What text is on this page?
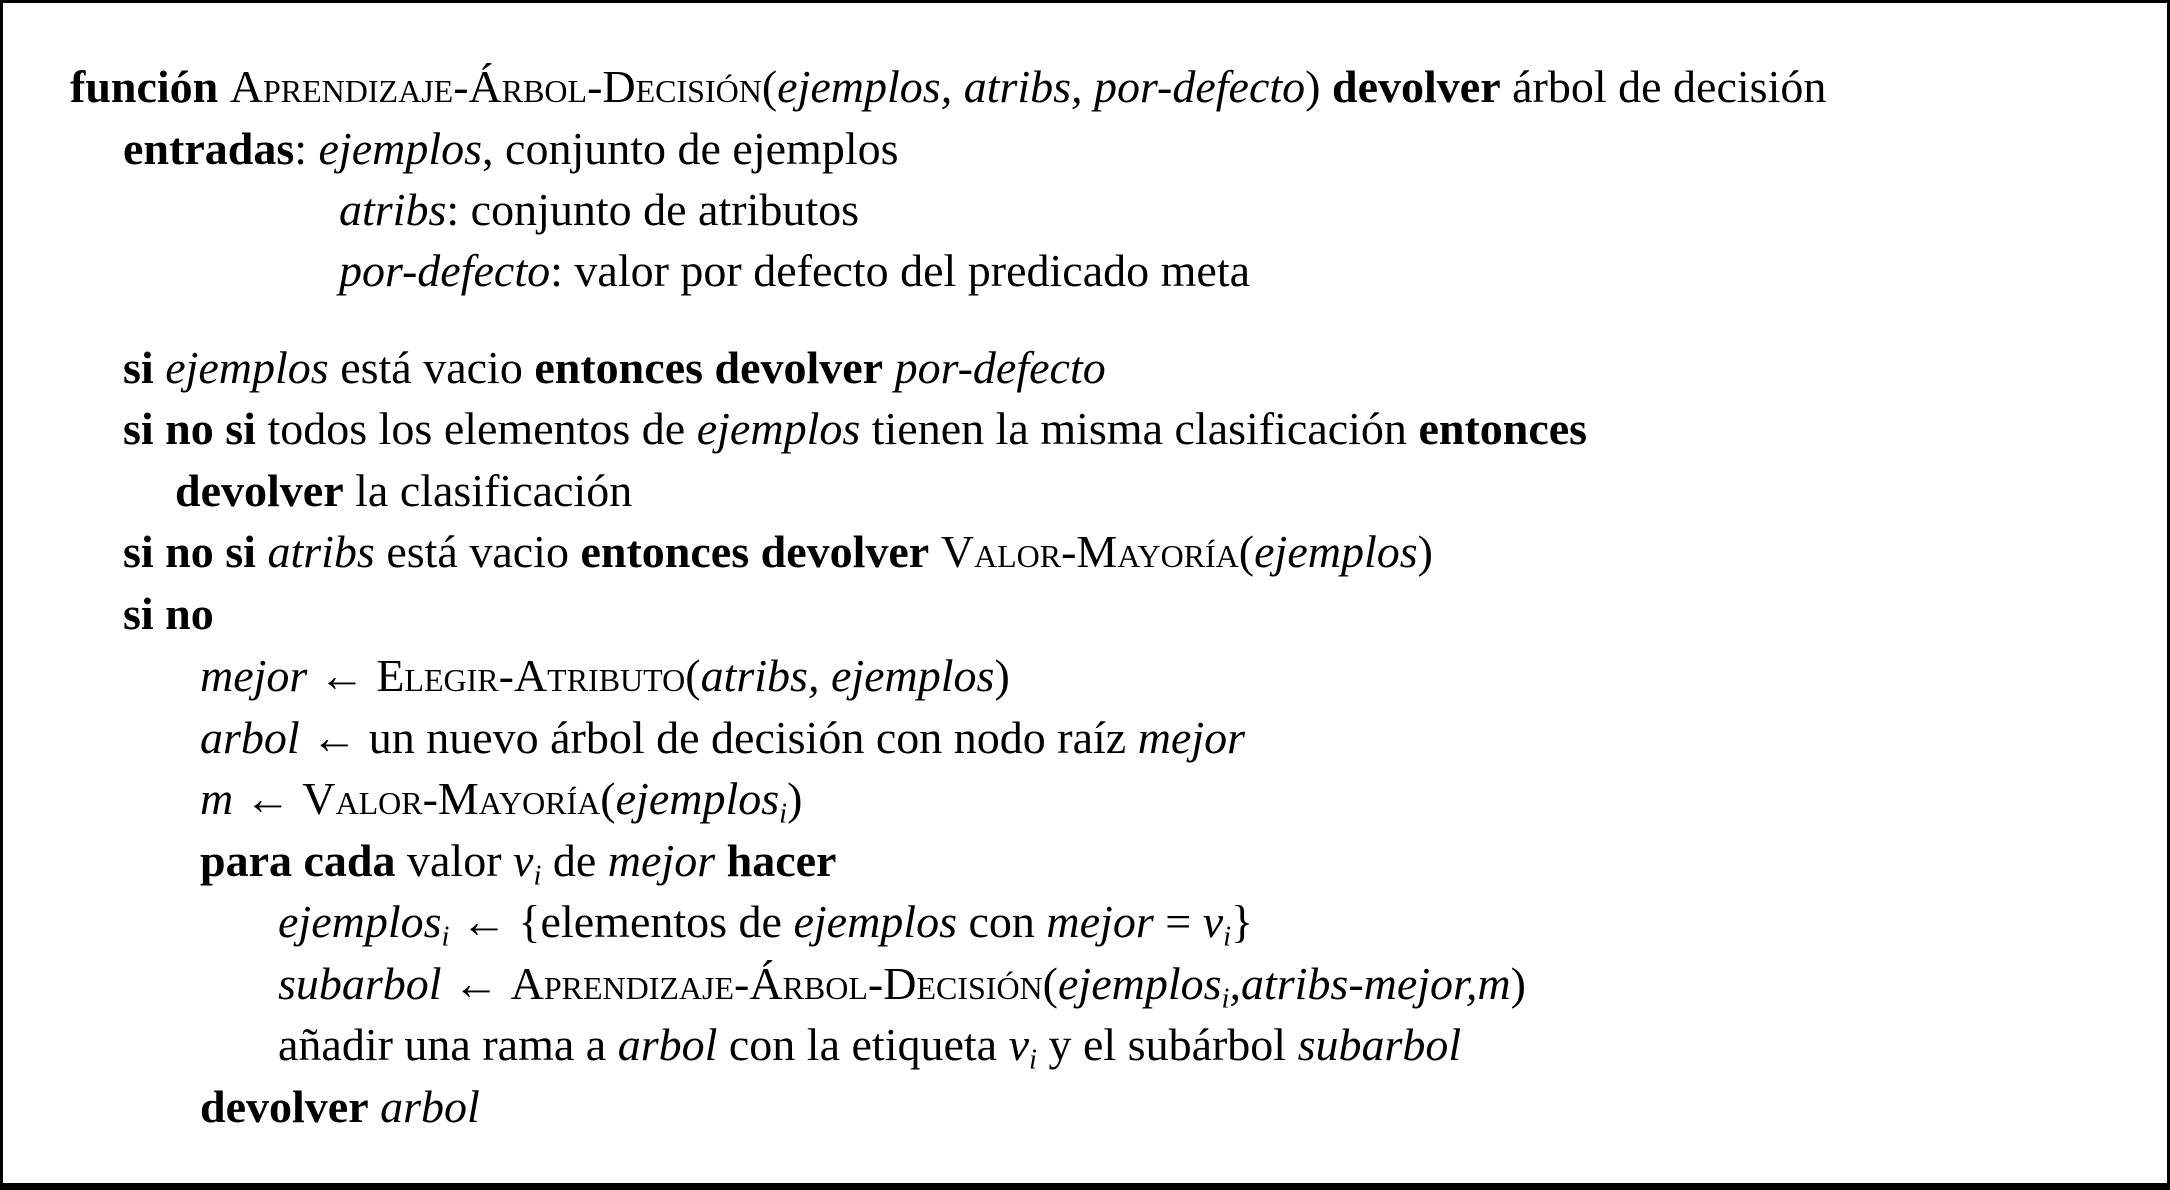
función Aprendizaje-Árbol-Decisión(ejemplos, atribs, por-defecto) devolver árbol de decisión
entradas: ejemplos, conjunto de ejemplos
atribs: conjunto de atributos
por-defecto: valor por defecto del predicado meta
si ejemplos está vacio entonces devolver por-defecto
si no si todos los elementos de ejemplos tienen la misma clasificación entonces
devolver la clasificación
si no si atribs está vacio entonces devolver Valor-Mayoría(ejemplos)
si no
mejor ← Elegir-Atributo(atribs, ejemplos)
arbol ← un nuevo árbol de decisión con nodo raíz mejor
m ← Valor-Mayoría(ejemplos$_i$)
para cada valor $v_i$ de mejor hacer
ejemplos$_i$ ← {elementos de ejemplos con mejor = $v_i$}
subarbol ← Aprendizaje-Árbol-Decisión(ejemplos$_i$,atribs-mejor,m)
añadir una rama a arbol con la etiqueta $v_i$ y el subárbol subarbol
devolver arbol
